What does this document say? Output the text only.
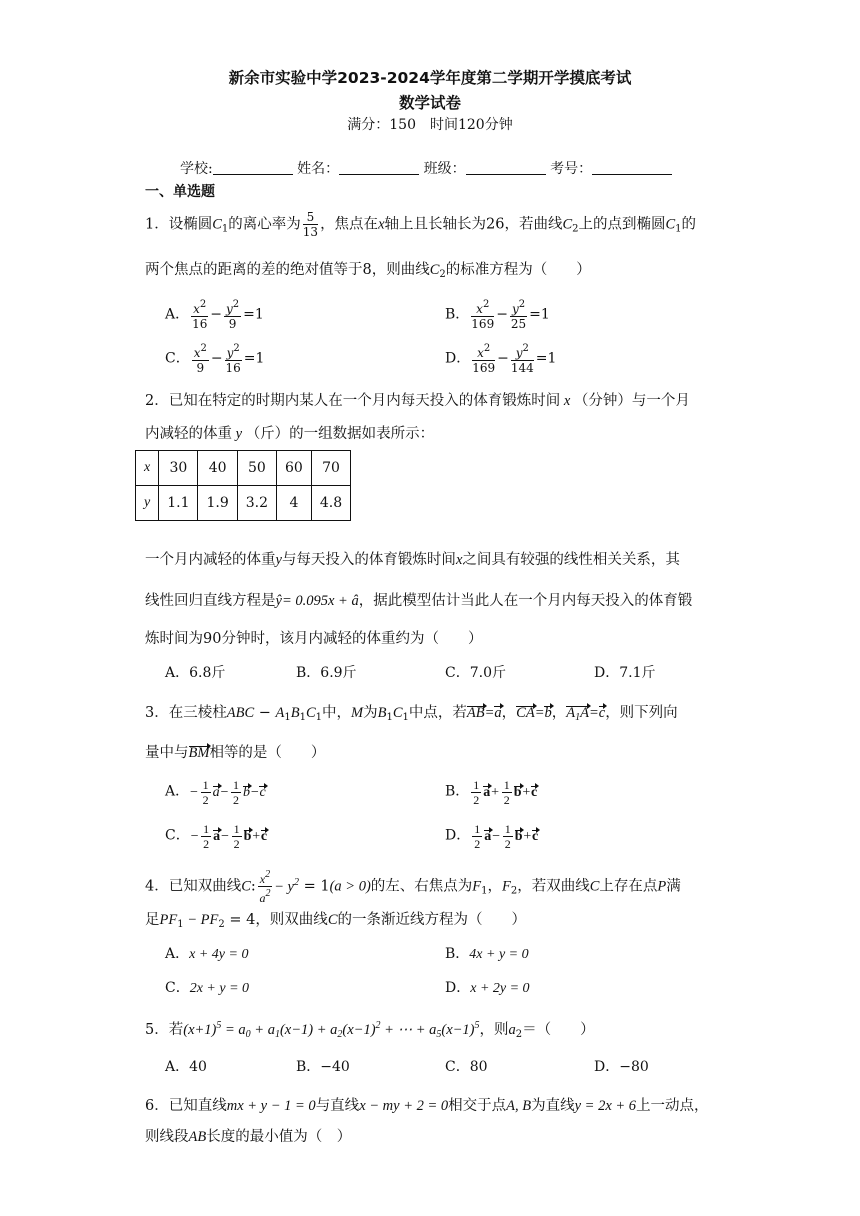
新余市实验中学2023-2024学年度第二学期开学摸底考试
数学试卷
满分：150　时间120分钟
学校:	姓名：	班级：	考号：
一、单选题
1．设椭圆$C_1$的离心率为 $\frac{5}{13}$ ，焦点在x轴上且长轴长为26，若曲线$C_2$上的点到椭圆$C_1$的
两个焦点的距离的差的绝对值等于8，则曲线$C_2$的标准方程为（　　）
A． $\frac{x^2}{16} - \frac{y^2}{9} =1$	B． $\frac{x^2}{169} - \frac{y^2}{25} =1$
C． $\frac{x^2}{9} - \frac{y^2}{16} =1$	D． $\frac{x^2}{169} - \frac{y^2}{144} =1$
2．已知在特定的时期内某人在一个月内每天投入的体育锻炼时间 x （分钟）与一个月
内减轻的体重 y （斤）的一组数据如表所示：
x	30	40	50	60	70
y	1.1	1.9	3.2	4	4.8
一个月内减轻的体重y与每天投入的体育锻炼时间x之间具有较强的线性相关关系，其
线性回归直线方程是ŷ= 0.095x + â，据此模型估计当此人在一个月内每天投入的体育锻
炼时间为90分钟时，该月内减轻的体重约为（　　）
A．6.8斤	B．6.9斤	C．7.0斤	D．7.1斤
3．在三棱柱ABC − $A_1B_1C_1$中，M为$B_1C_1$中点，若AB=a，CA=b，$A_1A=c$，则下列向
量中与BM相等的是（　　）
A．− $\frac{1}{2} a- \frac{1}{2} b-c$	B． $\frac{1}{2} a+ \frac{1}{2} b+c$
C．− $\frac{1}{2} a- \frac{1}{2} b+c$	D． $\frac{1}{2} a- \frac{1}{2} b+c$
4．已知双曲线C: $\frac{x^2}{a^2} - y^2 = 1(a > 0)$的左、右焦点为$F_1$，$F_2$，若双曲线C上存在点P满
足$PF_1 - PF_2 = 4$，则双曲线C的一条渐近线方程为（　　）
A．x + 4y = 0	B．4x + y = 0
C．2x + y = 0	D．x + 2y = 0
5．若$(x+1)^5 = a_0 + a_1(x-1) + a_2(x-1)^2$ + ⋯ + $a_5(x-1)^5$，则$a_2=$（　　）
A．40	B．−40	C．80	D．−80
6．已知直线mx + y − 1 = 0与直线x − my + 2 = 0相交于点A, B为直线y = 2x + 6上一动点，
则线段AB长度的最小值为（　）
